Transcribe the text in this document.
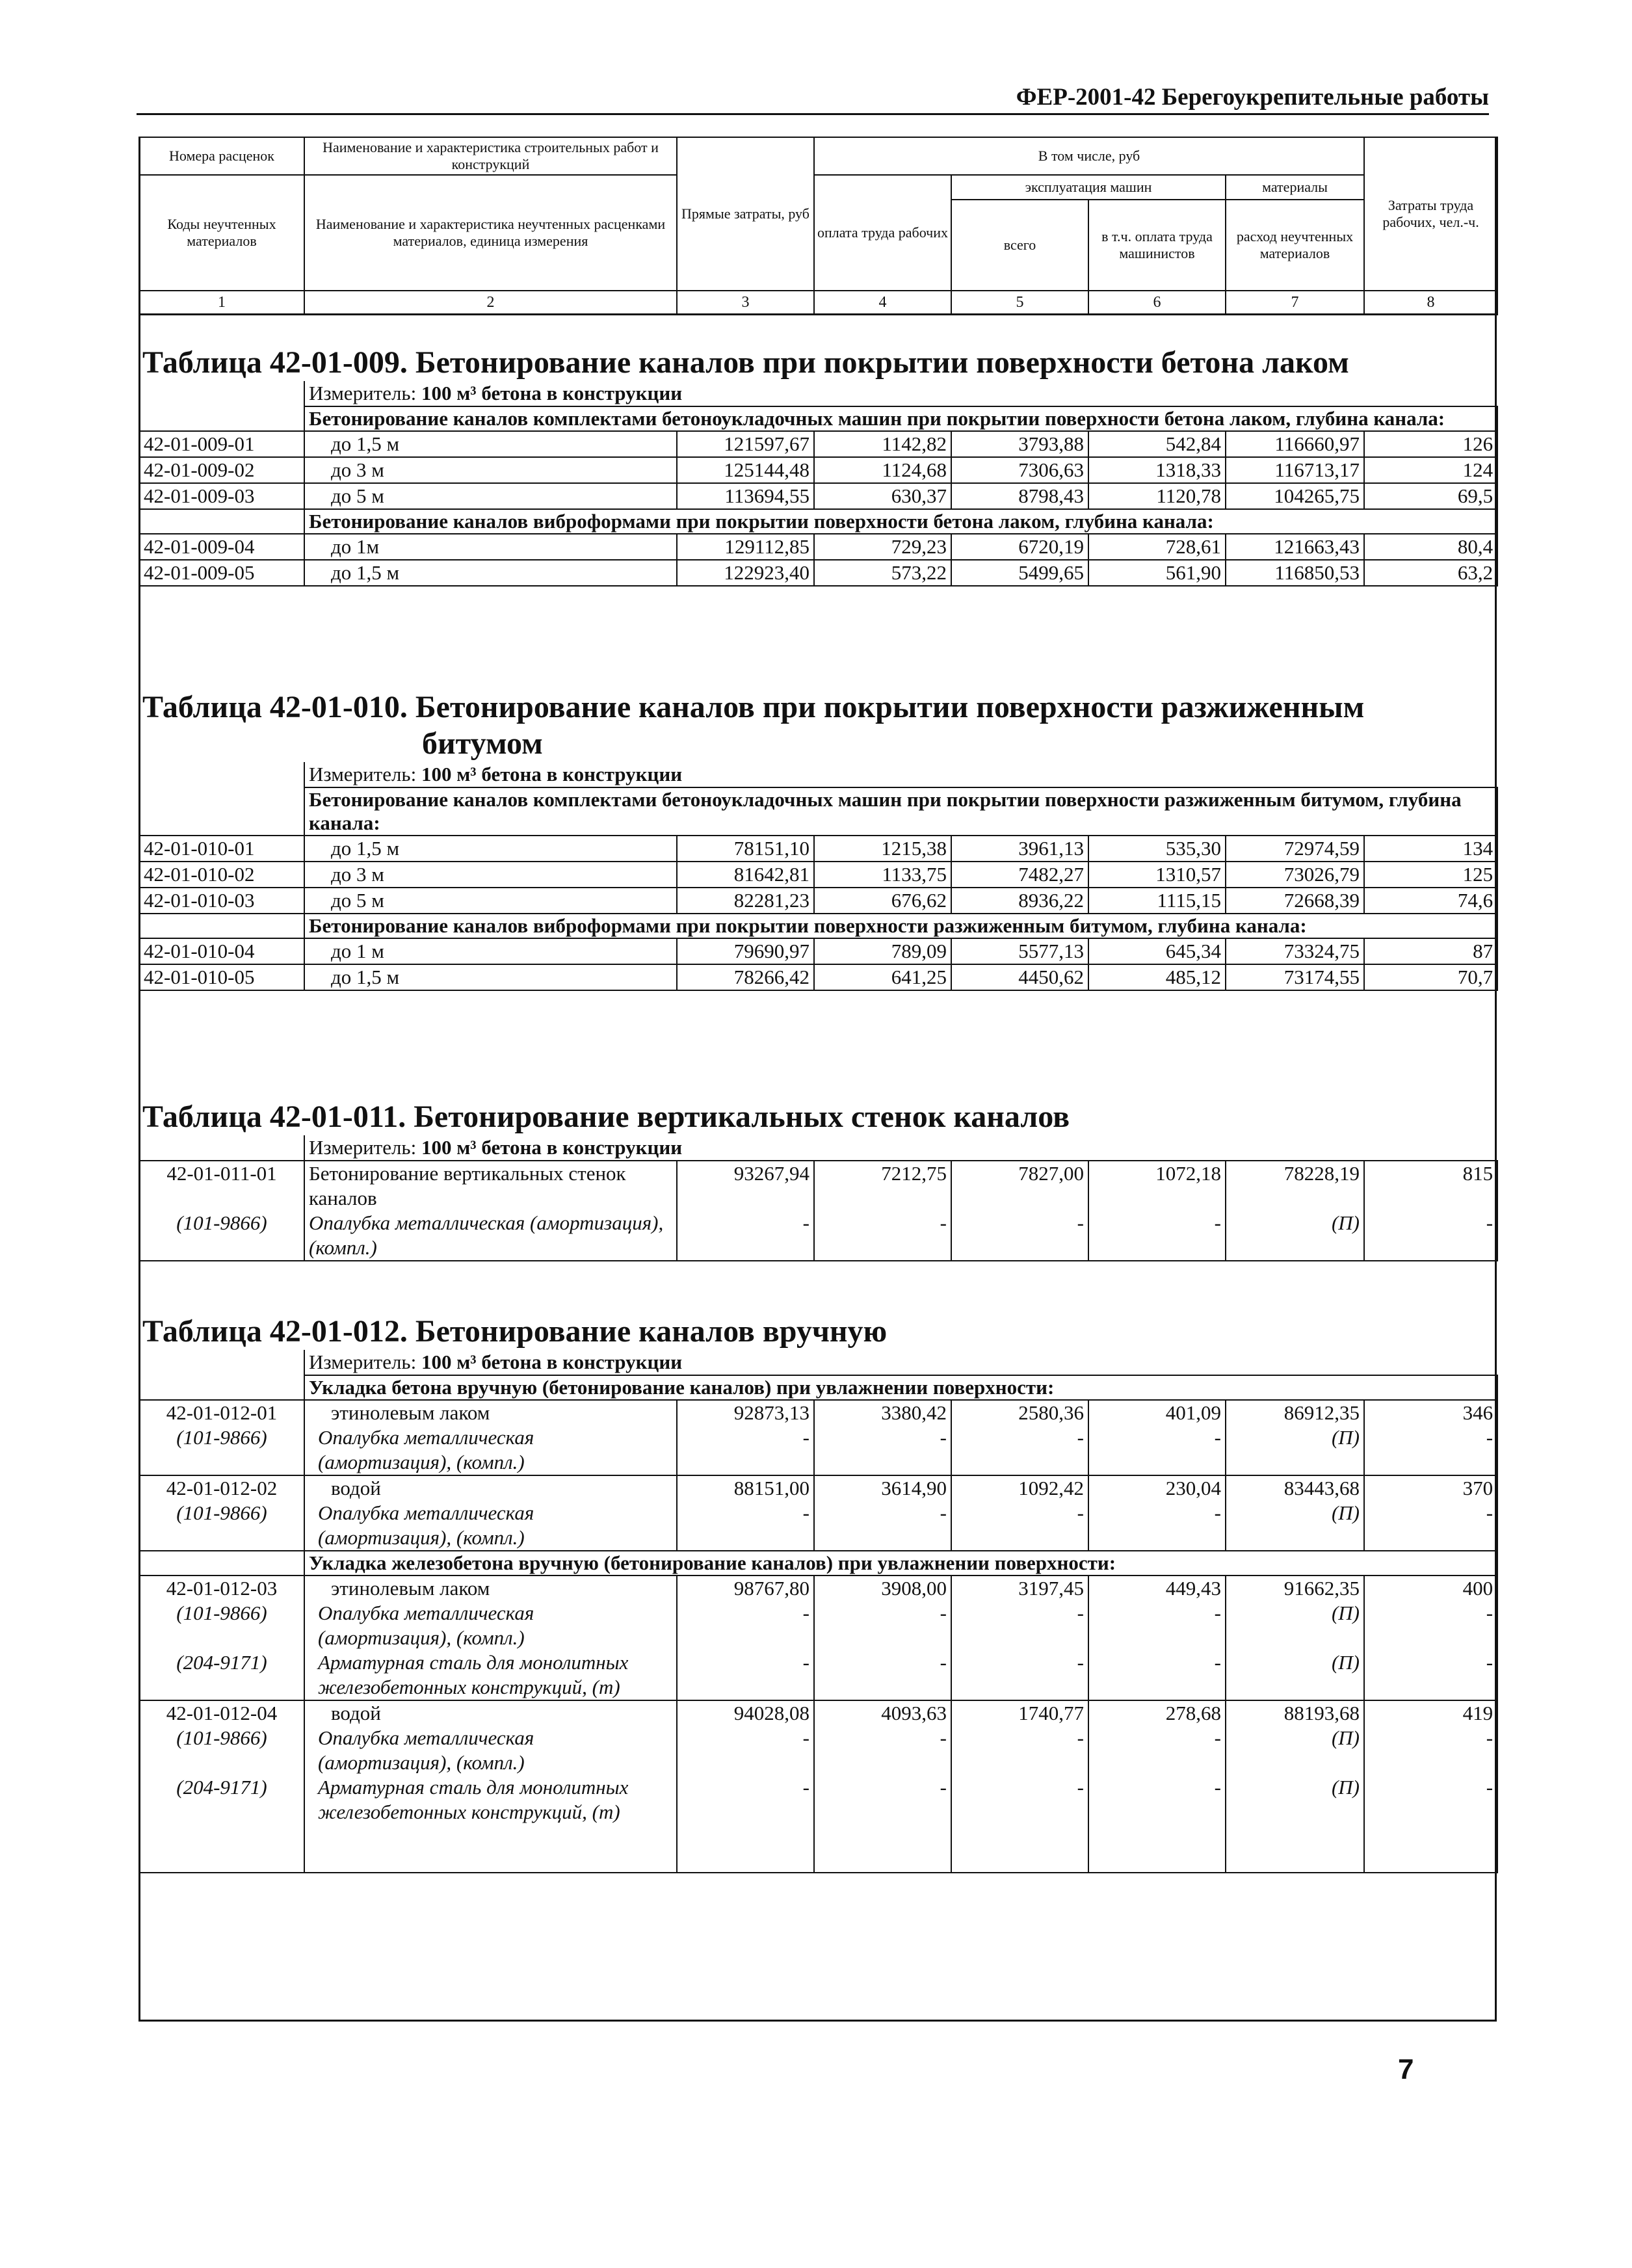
ФЕР-2001-42 Берегоукрепительные работы
Номера расценок	Наименование и характеристика строительных работ и конструкций	Прямые затраты, руб	В том числе, руб				Затраты труда рабочих, чел.-ч.
Коды неучтенных материалов	Наименование и характеристика неучтенных расценками материалов, единица измерения		оплата труда рабочих	эксплуатация машин		материалы	
				всего	в т.ч. оплата труда машинистов	расход неучтенных материалов	
1	2	3	4	5	6	7	8
Таблица 42-01-009. Бетонирование каналов при покрытии поверхности бетона лаком
	Измеритель: 100 м³ бетона в конструкции						
	Бетонирование каналов комплектами бетоноукладочных машин при покрытии поверхности бетона лаком, глубина канала:						
42-01-009-01	до 1,5 м	121597,67	1142,82	3793,88	542,84	116660,97	126
42-01-009-02	до 3 м	125144,48	1124,68	7306,63	1318,33	116713,17	124
42-01-009-03	до 5 м	113694,55	630,37	8798,43	1120,78	104265,75	69,5
	Бетонирование каналов виброформами при покрытии поверхности бетона лаком, глубина канала:						
42-01-009-04	до 1м	129112,85	729,23	6720,19	728,61	121663,43	80,4
42-01-009-05	до 1,5 м	122923,40	573,22	5499,65	561,90	116850,53	63,2
Таблица 42-01-010. Бетонирование каналов при покрытии поверхности разжиженным
битумом
	Измеритель: 100 м³ бетона в конструкции						
	Бетонирование каналов комплектами бетоноукладочных машин при покрытии поверхности разжиженным битумом, глубина канала:						
42-01-010-01	до 1,5 м	78151,10	1215,38	3961,13	535,30	72974,59	134
42-01-010-02	до 3 м	81642,81	1133,75	7482,27	1310,57	73026,79	125
42-01-010-03	до 5 м	82281,23	676,62	8936,22	1115,15	72668,39	74,6
	Бетонирование каналов виброформами при покрытии поверхности разжиженным битумом, глубина канала:						
42-01-010-04	до 1 м	79690,97	789,09	5577,13	645,34	73324,75	87
42-01-010-05	до 1,5 м	78266,42	641,25	4450,62	485,12	73174,55	70,7
Таблица 42-01-011. Бетонирование вертикальных стенок каналов
	Измеритель: 100 м³ бетона в конструкции						
42-01-011-01	Бетонирование вертикальных стенок каналов	93267,94	7212,75	7827,00	1072,18	78228,19	815
(101-9866)	Опалубка металлическая (амортизация), (компл.)	-	-	-	-	(П)	-
Таблица 42-01-012. Бетонирование каналов вручную
	Измеритель: 100 м³ бетона в конструкции						
	Укладка бетона вручную (бетонирование каналов) при увлажнении поверхности:						
42-01-012-01	этинолевым лаком	92873,13	3380,42	2580,36	401,09	86912,35	346
(101-9866)	Опалубка металлическая (амортизация), (компл.)	-	-	-	-	(П)	-
42-01-012-02	водой	88151,00	3614,90	1092,42	230,04	83443,68	370
(101-9866)	Опалубка металлическая (амортизация), (компл.)	-	-	-	-	(П)	-
	Укладка железобетона вручную (бетонирование каналов) при увлажнении поверхности:						
42-01-012-03	этинолевым лаком	98767,80	3908,00	3197,45	449,43	91662,35	400
(101-9866)	Опалубка металлическая (амортизация), (компл.)	-	-	-	-	(П)	-
(204-9171)	Арматурная сталь для монолитных железобетонных конструкций, (т)	-	-	-	-	(П)	-
42-01-012-04	водой	94028,08	4093,63	1740,77	278,68	88193,68	419
(101-9866)	Опалубка металлическая (амортизация), (компл.)	-	-	-	-	(П)	-
(204-9171)	Арматурная сталь для монолитных железобетонных конструкций, (т)	-	-	-	-	(П)	-
7
